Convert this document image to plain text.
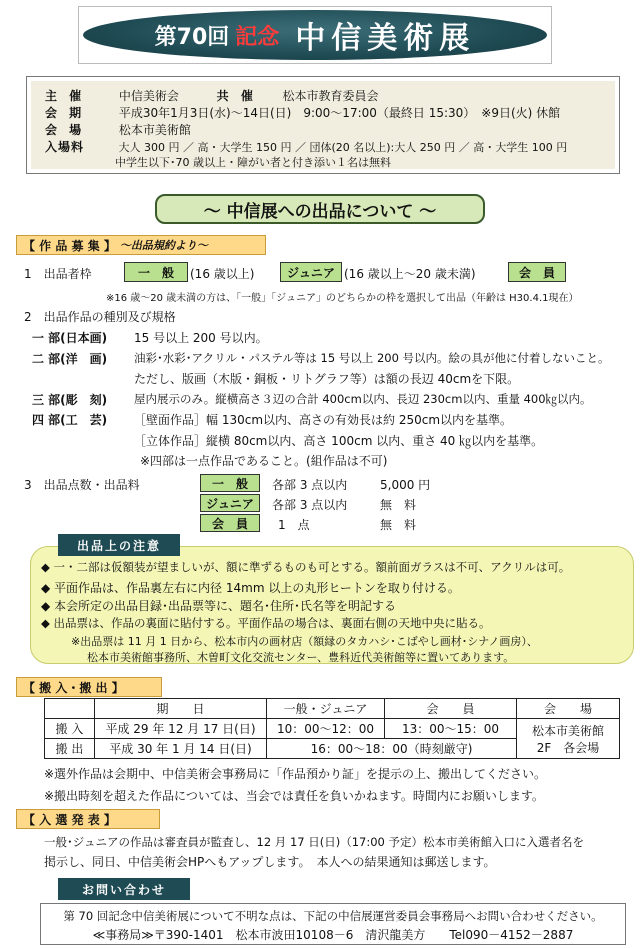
第70回 記念 中信美術展
主 催	中信美術会	共 催 松本市教育委員会
会 期	平成30年1月3日(水)～14日(日)　9:00～17:00（最終日 15:30）　※9日(火) 休館
会 場	松本市美術館
入場料	大人 300 円 ／ 高・大学生 150 円 ／ 団体(20 名以上):大人 250 円 ／ 高・大学生 100 円
中学生以下･70 歳以上・障がい者と付き添い１名は無料
～ 中信展への出品について ～
【 作 品 募 集 】 ～出品規約より～
1　出品者枠	一　般	(16 歳以上)	ジュニア (16 歳以上～20 歳未満)	会　員
※16 歳～20 歳未満の方は、「一般」「ジュニア」のどちらかの枠を選択して出品（年齢は H30.4.1現在）
2　出品作品の種別及び規格
一 部(日本画) 15 号以上 200 号以内。
二 部(洋　画) 油彩･水彩･アクリル・パステル等は 15 号以上 200 号以内。絵の具が他に付着しないこと。
ただし、版画（木版・銅板・リトグラフ等）は額の長辺 40cmを下限。
三 部(彫　刻) 屋内展示のみ。縦横高さ３辺の合計 400cm以内、長辺 230cm以内、重量 400㎏以内。
四 部(工　芸) ［壁面作品］幅 130cm以内、高さの有効長は約 250cm以内を基準。
［立体作品］縦横 80cm以内、高さ 100cm 以内、重さ 40 ㎏以内を基準。
※四部は一点作品であること。(組作品は不可)
3　出品点数・出品料	一　般	各部 3 点以内	5,000 円
ジュニア	各部 3 点以内	無　料
会　員	1　点	無　料
◆ 一・二部は仮額装が望ましいが、額に準ずるものも可とする。額前面ガラスは不可、アクリルは可。
◆ 平面作品は、作品裏左右に内径 14mm 以上の丸形ヒートンを取り付ける。
◆ 本会所定の出品目録･出品票等に、題名･住所･氏名等を明記する
◆ 出品票は、作品の裏面に貼付する。平面作品の場合は、裏面右側の天地中央に貼る。
※出品票は 11 月 1 日から、松本市内の画材店（額縁のタカハシ･こばやし画材･シナノ画房）、
松本市美術館事務所、木曽町文化交流センター、豊科近代美術館等に置いてあります。
出品上の注意
【 搬 入・搬 出 】
	期　　日	一般・ジュニア	会　　員	会　　場
搬 入	平成 29 年 12 月 17 日(日)	10：00～12：00	13：00～15：00	松本市美術館
2F　各会場

搬 出	平成 30 年 1 月 14 日(日)	16：00～18：00（時刻厳守)		
※選外作品は会期中、中信美術会事務局に「作品預かり証」を提示の上、搬出してください。
※搬出時刻を超えた作品については、当会では責任を負いかねます。時間内にお願いします。
【 入 選 発 表 】
一般･ジュニアの作品は審査員が監査し、12 月 17 日(日)（17:00 予定）松本市美術館入口に入選者名を
掲示し、同日、中信美術会HPへもアップします。　本人への結果通知は郵送します。
お問い合わせ
第 70 回記念中信美術展について不明な点は、下記の中信展運営委員会事務局へお問い合わせください。
≪事務局≫〒390-1401　松本市波田10108－6　清沢龍美方　　Tel090－4152－2887
